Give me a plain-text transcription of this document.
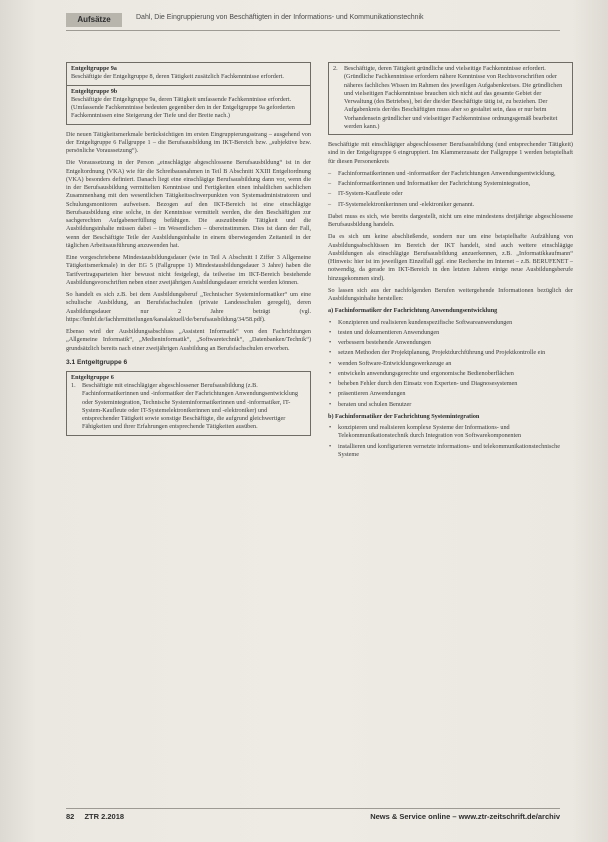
Aufsätze	Dahl, Die Eingruppierung von Beschäftigten in der Informations- und Kommunikationstechnik
Entgeltgruppe 9a

Beschäftigte der Entgeltgruppe 8, deren Tätigkeit zusätzlich Fachkenntnisse erfordert.

Entgeltgruppe 9b

Beschäftigte der Entgeltgruppe 9a, deren Tätigkeit umfassende Fachkenntnisse erfordert. (Umfassende Fachkenntnisse bedeuten gegenüber den in der Entgeltgruppe 9a geforderten Fachkenntnissen eine Steigerung der Tiefe und der Breite nach.)

Die neuen Tätigkeitsmerkmale berücksichtigen im ersten Eingruppierungsstrang – ausgehend von der Entgeltgruppe 6 Fallgruppe 1 – die Berufsausbildung im IKT-Bereich bzw. „subjektive bzw. persönliche Voraussetzung“).

Die Voraussetzung in der Person „einschlägige abgeschlossene Berufsausbildung“ ist in der Entgeltordnung (VKA) wie für die Schreibausnahmen in Teil B Abschnitt XXIII Entgeltordnung (VKA) besonders definiert. Danach liegt eine einschlägige Berufsausbildung dann vor, wenn die in der Berufsausbildung vermittelten Kenntnisse und Fertigkeiten einen inhaltlichen sachlichen Zusammenhang mit den wesentlichen Tätigkeitsschwerpunkten von Systemadministratoren und Schulungsmonitoren aufweisen. Bezogen auf den IKT-Bereich ist eine einschlägige Berufsausbildung eine solche, in der Kenntnisse vermittelt werden, die den Beschäftigten zur sachgerechten Aufgabenerfüllung befähigen. Die auszuübende Tätigkeit und die Ausbildungsinhalte müssen dabei – im Wesentlichen – übereinstimmen. Dies ist dann der Fall, wenn der Beschäftigte Teile der Ausbildungsinhalte in einem überwiegenden Zeitanteil in der täglichen Arbeitsausführung anzuwenden hat.

Eine vorgeschriebene Mindestausbildungsdauer (wie in Teil A Abschnitt I Ziffer 3 Allgemeine Tätigkeitsmerkmale) in der EG 5 (Fallgruppe 1) Mindestausbildungsdauer 3 Jahre) haben die Tarifvertragsparteien hier bewusst nicht festgelegt, da teilweise im IKT-Bereich bestehende Ausbildungsvorschriften neben einer zweijährigen Ausbildungsdauer erreicht werden können.

So handelt es sich z.B. bei dem Ausbildungsberuf „Technischer Systeminformatiker“ um eine schulische Ausbildung, an Berufsfachschulen (private Landesschulen geregelt), deren Ausbildungsdauer nur 2 Jahre beträgt (vgl. https://bmbf.de/fachhrmitteilungen/kanalaktuell/de/berufsausbildung/34/58.pdf).

Ebenso wird der Ausbildungsabschluss „Assistent Informatik“ von den Fachrichtungen „Allgemeine Informatik“, „Medieninformatik“, „Softwaretechnik“, „Datenbanken/Technik“) grundsätzlich bereits nach einer zweijährigen Ausbildung an Berufsfachschulen erworben.

3.1 Entgeltgruppe 6
Entgeltgruppe 6
1.	Beschäftigte mit einschlägiger abgeschlossener Berufsausbildung (z.B. Fachinformatikerinnen und -informatiker der Fachrichtungen Anwendungsentwicklung oder Systemintegration, Technische Systeminformatikerinnen und -informatiker, IT-System-Kaufleute oder IT-Systemelektronikerinnen und -elektroniker) und entsprechender Tätigkeit sowie sonstige Beschäftigte, die aufgrund gleichwertiger Fähigkeiten und ihrer Erfahrungen entsprechende Tätigkeiten ausüben.
2.	Beschäftigte, deren Tätigkeit gründliche und vielseitige Fachkenntnisse erfordert. (Gründliche Fachkenntnisse erfordern nähere Kenntnisse von Rechtsvorschriften oder näheres fachliches Wissen im Rahmen des jeweiligen Aufgabenkreises. Die gründlichen und vielseitigen Fachkenntnisse brauchen sich nicht auf das gesamte Gebiet der Verwaltung (des Betriebes), bei der die/der Beschäftigte tätig ist, zu beziehen. Der Aufgabenkreis der/des Beschäftigten muss aber so gestaltet sein, dass er nur beim Vorhandensein gründlicher und vielseitiger Fachkenntnisse ordnungsgemäß bearbeitet werden kann.)

Beschäftigte mit einschlägiger abgeschlossener Berufsausbildung (und entsprechender Tätigkeit) sind in der Entgeltgruppe 6 eingruppiert. Im Klammerzusatz der Fallgruppe 1 werden beispielhaft für diesen Personenkreis

– Fachinformatikerinnen und -informatiker der Fachrichtungen Anwendungsentwicklung,
– Fachinformatikerinnen und Informatiker der Fachrichtung Systemintegration,
– IT-System-Kaufleute oder
– IT-Systemelektronikerinnen und -elektroniker genannt.

Dabei muss es sich, wie bereits dargestellt, nicht um eine mindestens dreijährige abgeschlossene Berufsausbildung handeln.

Da es sich um keine abschließende, sondern nur um eine beispielhafte Aufzählung von Ausbildungsabschlüssen im Bereich der IKT handelt, sind auch weitere einschlägige Ausbildungen als einschlägige Berufsausbildung anzuerkennen, z.B. „Informatikkaufmann“ (Hinweis: hier ist im jeweiligen Einzelfall ggf. eine Recherche im Internet – z.B. BERUFENET – notwendig, da gerade im IKT-Bereich in den letzten Jahren einige neue Ausbildungsberufe hinzugekommen sind).

So lassen sich aus der nachfolgenden Berufen weitergehende Informationen bezüglich der Ausbildungsinhalte herstellen:

a) Fachinformatiker der Fachrichtung Anwendungsentwicklung
• Konzipieren und realisieren kundenspezifische Softwareanwendungen
• testen und dokumentieren Anwendungen
• verbessern bestehende Anwendungen
• setzen Methoden der Projektplanung, Projektdurchführung und Projektkontrolle ein
• wenden Software-Entwicklungswerkzeuge an
• entwickeln anwendungsgerechte und ergonomische Bedienoberflächen
• beheben Fehler durch den Einsatz von Experten- und Diagnosesystemen
• präsentieren Anwendungen
• beraten und schulen Benutzer
b) Fachinformatiker der Fachrichtung Systemintegration
• konzipieren und realisieren komplexe Systeme der Informations- und Telekommunikationstechnik durch Integration von Softwarekomponenten
• installieren und konfigurieren vernetzte informations- und telekommunikationstechnische Systeme
82 ZTR 2.2018	News & Service online – www.ztr-zeitschrift.de/archiv
